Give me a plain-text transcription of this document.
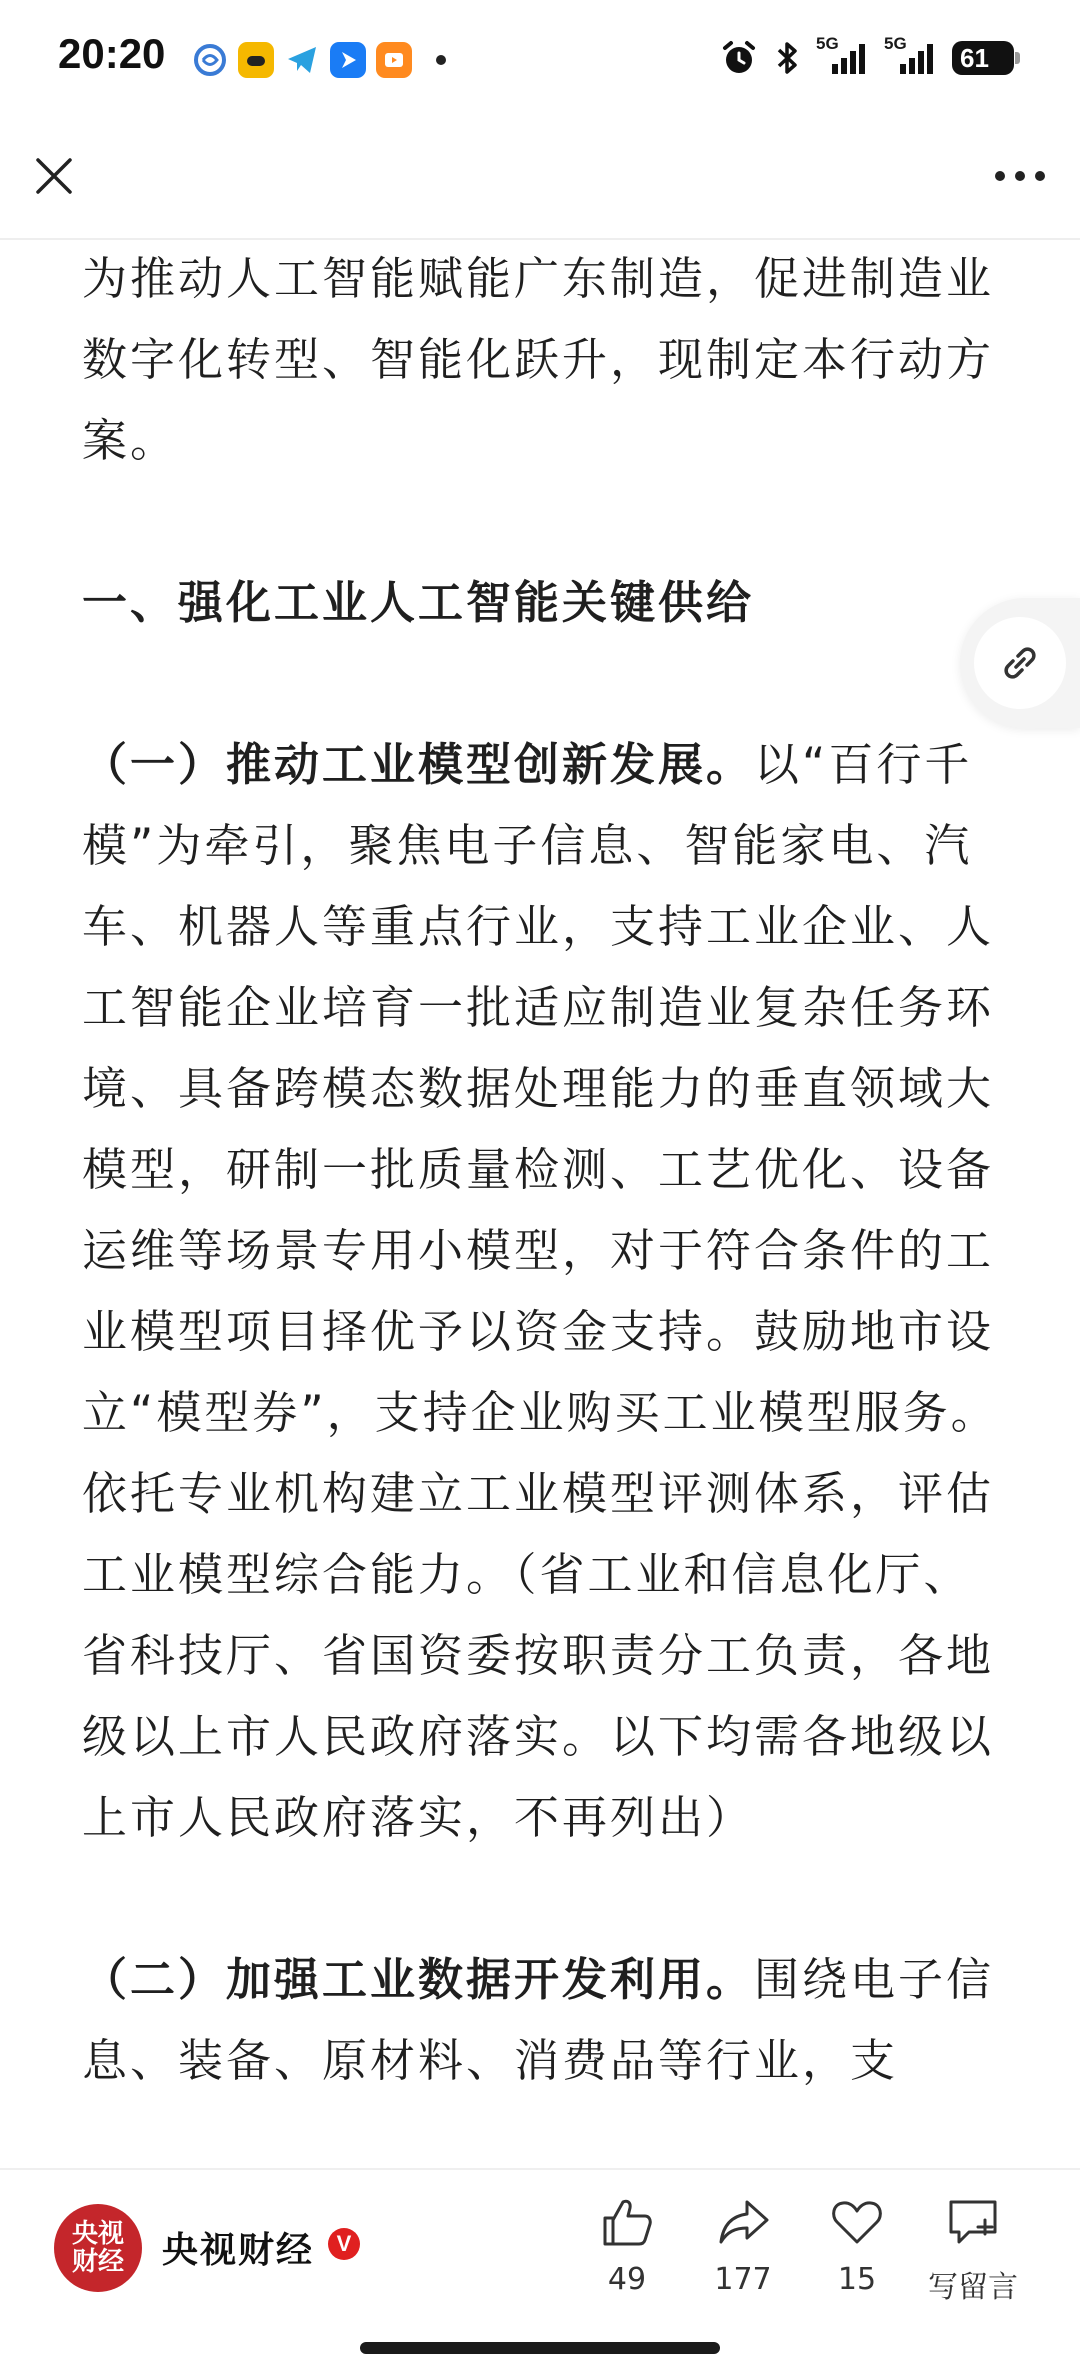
20:20	5G	5G 61

为推动人工智能赋能广东制造，促进制造业数字化转型、智能化跃升，现制定本行动方案。

一、强化工业人工智能关键供给

（一）推动工业模型创新发展。以“百行千模”为牵引，聚焦电子信息、智能家电、汽车、机器人等重点行业，支持工业企业、人工智能企业培育一批适应制造业复杂任务环境、具备跨模态数据处理能力的垂直领域大模型，研制一批质量检测、工艺优化、设备运维等场景专用小模型，对于符合条件的工业模型项目择优予以资金支持。鼓励地市设立“模型券”，支持企业购买工业模型服务。依托专业机构建立工业模型评测体系，评估工业模型综合能力。（省工业和信息化厅、省科技厅、省国资委按职责分工负责，各地级以上市人民政府落实。以下均需各地级以上市人民政府落实，不再列出）

（二）加强工业数据开发利用。围绕电子信息、装备、原材料、消费品等行业，支

央视财经 央视财经	V
49 177 15 写留言
